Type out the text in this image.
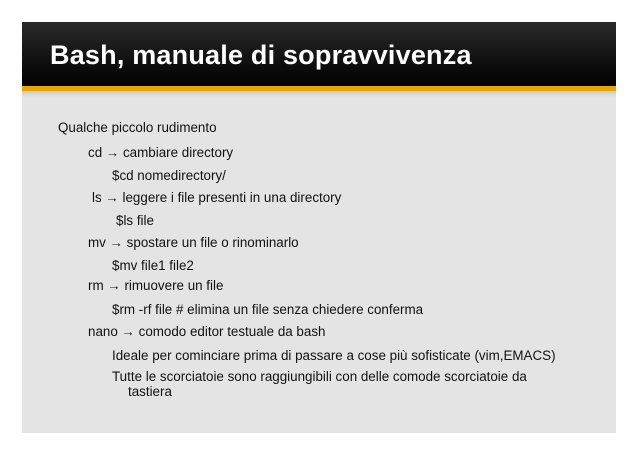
Bash, manuale di sopravvivenza
Qualche piccolo rudimento
cd → cambiare directory
$cd nomedirectory/
ls → leggere i file presenti in una directory
$ls file
mv → spostare un file o rinominarlo
$mv file1 file2
rm → rimuovere un file
$rm -rf file # elimina un file senza chiedere conferma
nano → comodo editor testuale da bash
Ideale per cominciare prima di passare a cose più sofisticate (vim,EMACS)
Tutte le scorciatoie sono raggiungibili con delle comode scorciatoie da
tastiera
